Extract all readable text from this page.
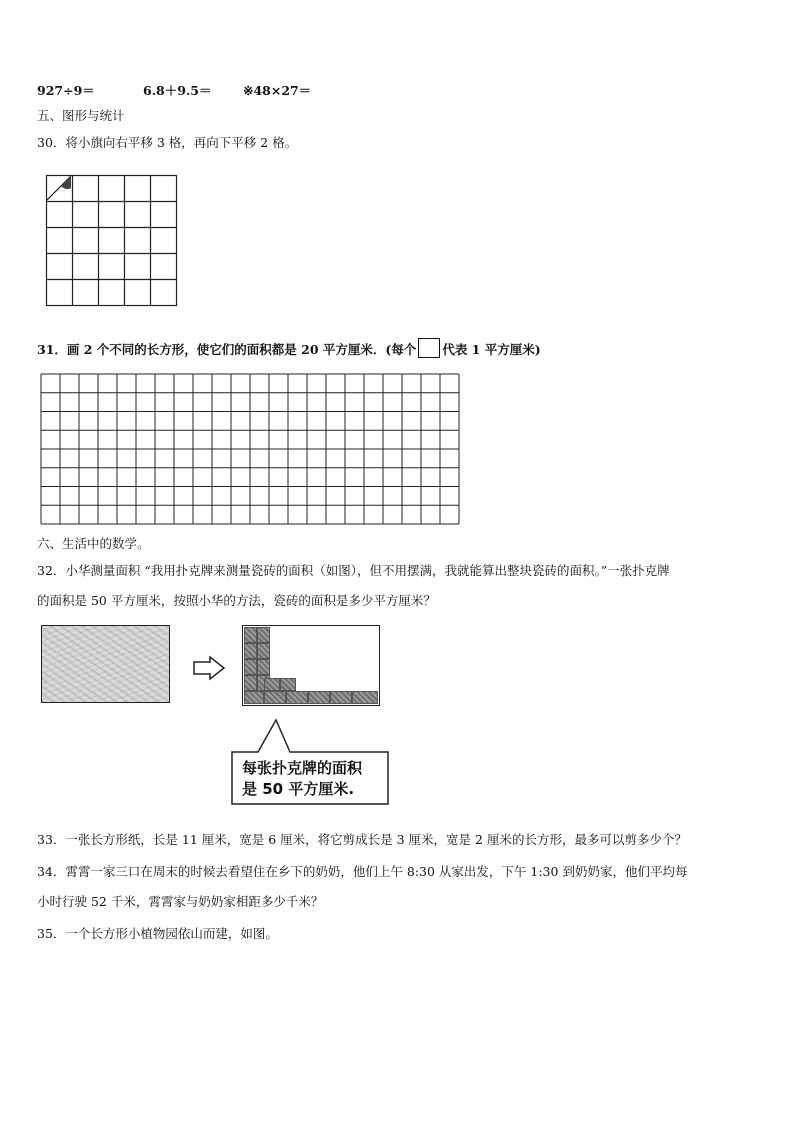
927÷9＝	6.8＋9.5＝	※48×27＝
五、图形与统计
30．将小旗向右平移 3 格，再向下平移 2 格。
31．画 2 个不同的长方形，使它们的面积都是 20 平方厘米．(每个 代表 1 平方厘米)
六、生活中的数学。
32．小华测量面积 “我用扑克牌来测量瓷砖的面积（如图），但不用摆满，我就能算出整块瓷砖的面积。”一张扑克牌
的面积是 50 平方厘米，按照小华的方法，瓷砖的面积是多少平方厘米？
每张扑克牌的面积
是 50 平方厘米.
33．一张长方形纸，长是 11 厘米，宽是 6 厘米，将它剪成长是 3 厘米，宽是 2 厘米的长方形，最多可以剪多少个？
34．霄霄一家三口在周末的时候去看望住在乡下的奶奶，他们上午 8:30 从家出发，下午 1:30 到奶奶家，他们平均每
小时行驶 52 千米，霄霄家与奶奶家相距多少千米？
35．一个长方形小植物园依山而建，如图。
